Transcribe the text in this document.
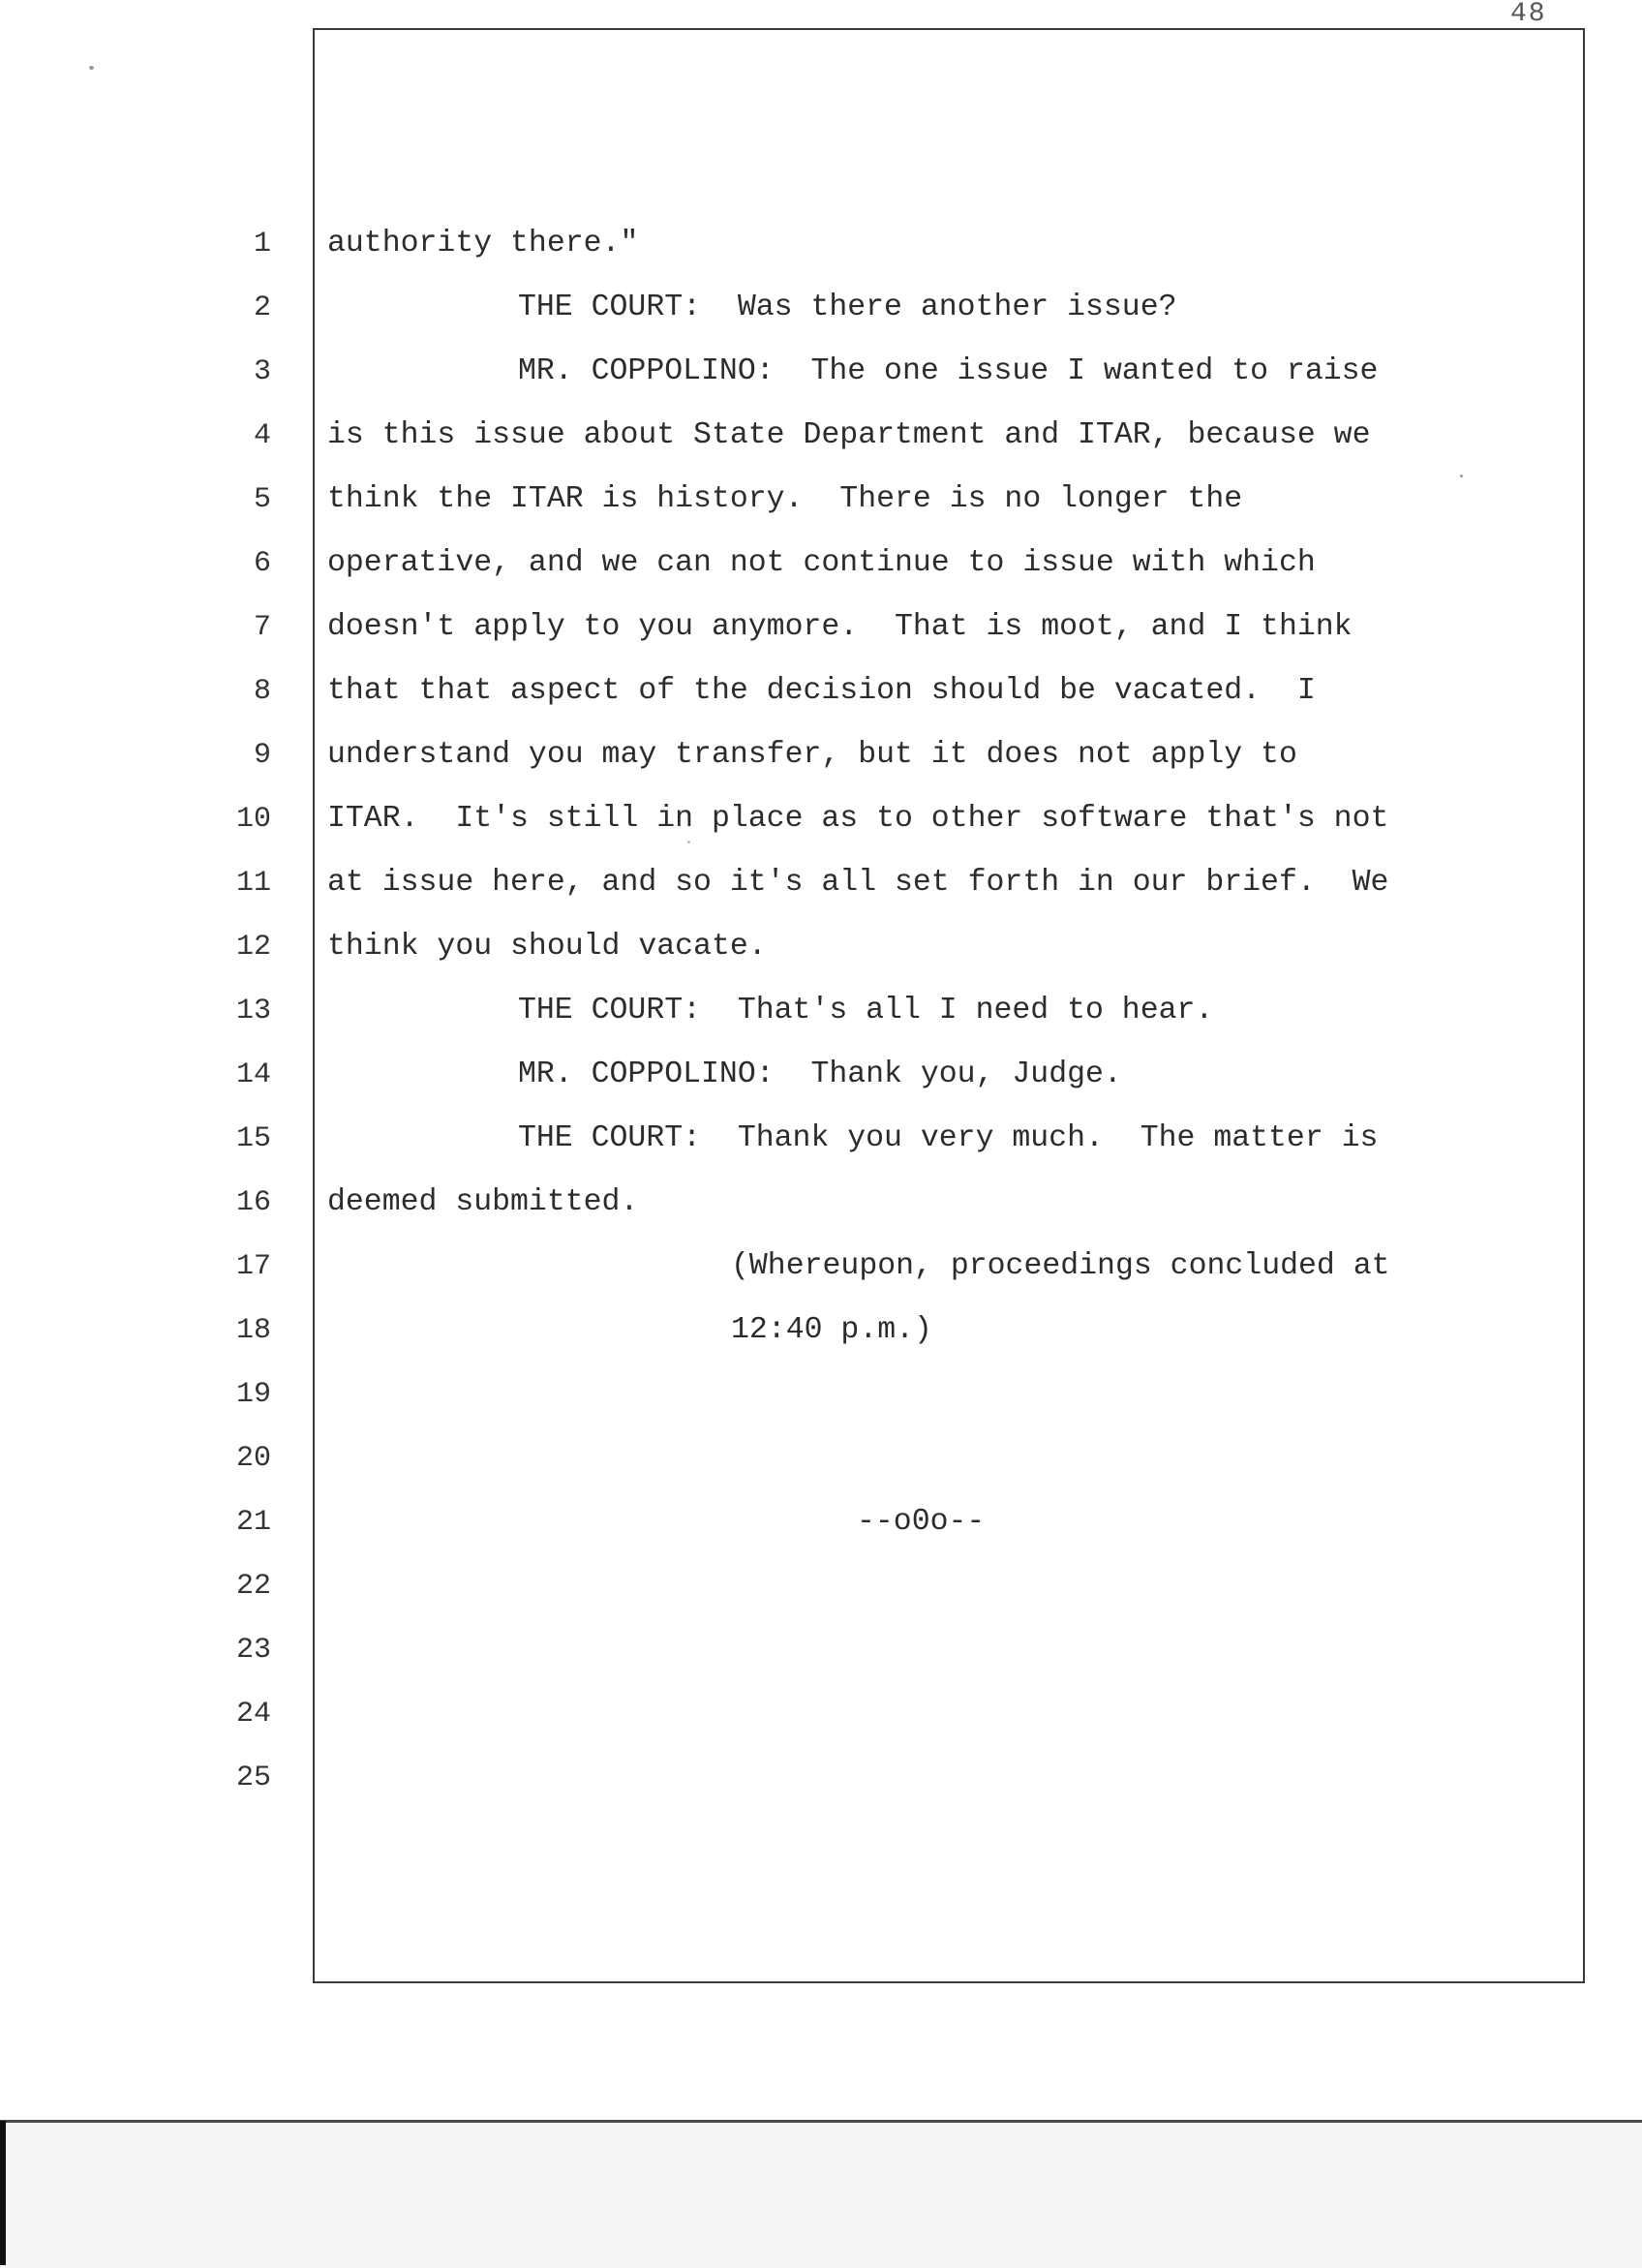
48
1 authority there."
2	THE COURT:  Was there another issue?
3	MR. COPPOLINO:  The one issue I wanted to raise
4 is this issue about State Department and ITAR, because we
5 think the ITAR is history.  There is no longer the
6 operative, and we can not continue to issue with which
7 doesn't apply to you anymore.  That is moot, and I think
8 that that aspect of the decision should be vacated.  I
9 understand you may transfer, but it does not apply to
10 ITAR.  It's still in place as to other software that's not
11 at issue here, and so it's all set forth in our brief.  We
12 think you should vacate.
13	THE COURT:  That's all I need to hear.
14	MR. COPPOLINO:  Thank you, Judge.
15	THE COURT:  Thank you very much.  The matter is
16 deemed submitted.
17	(Whereupon, proceedings concluded at
18	12:40 p.m.)
19
20
21	--o0o--
22
23
24
25
